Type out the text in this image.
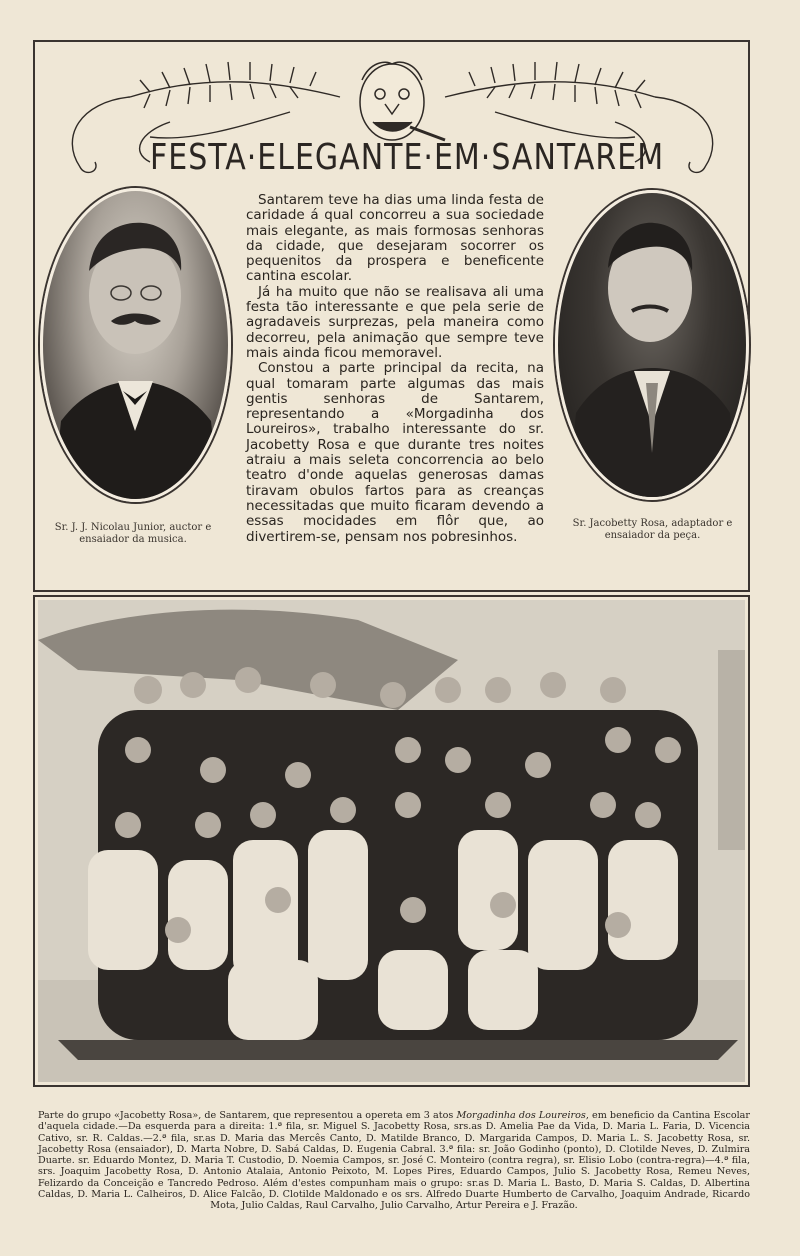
FESTA·ELEGANTE·EM·SANTAREM
Sr. J. J. Nicolau Junior, auctor e ensaiador da musica.
Sr. Jacobetty Rosa, adaptador e ensaiador da peça.

Santarem teve ha dias uma linda festa de caridade á qual concorreu a sua sociedade mais elegante, as mais formosas senhoras da cidade, que desejaram socorrer os pequenitos da prospera e beneficente cantina escolar.

Já ha muito que não se realisava ali uma festa tão interessante e que pela serie de agradaveis surprezas, pela maneira como decorreu, pela animação que sempre teve mais ainda ficou memoravel.

Constou a parte principal da recita, na qual tomaram parte algumas das mais gentis senhoras de Santarem, representando a «Morgadinha dos Loureiros», trabalho interessante do sr. Jacobetty Rosa e que durante tres noites atraiu a mais seleta concorrencia ao belo teatro d'onde aquelas generosas damas tiravam obulos fartos para as creanças necessitadas que muito ficaram devendo a essas mocidades em flôr que, ao divertirem-se, pensam nos pobresinhos.

Parte do grupo «Jacobetty Rosa», de Santarem, que representou a opereta em 3 atos Morgadinha dos Loureiros, em beneficio da Cantina Escolar d'aquela cidade.—Da esquerda para a direita: 1.ª fila, sr. Miguel S. Jacobetty Rosa, srs.as D. Amelia Pae da Vida, D. Maria L. Faria, D. Vicencia Cativo, sr. R. Caldas.—2.ª fila, sr.as D. Maria das Mercês Canto, D. Matilde Branco, D. Margarida Campos, D. Maria L. S. Jacobetty Rosa, sr. Jacobetty Rosa (ensaiador), D. Marta Nobre, D. Sabá Caldas, D. Eugenia Cabral. 3.ª fila: sr. João Godinho (ponto), D. Clotilde Neves, D. Zulmira Duarte. sr. Eduardo Montez, D. Maria T. Custodio, D. Noemia Campos, sr. José C. Monteiro (contra regra), sr. Elisio Lobo (contra-regra)—4.ª fila, srs. Joaquim Jacobetty Rosa, D. Antonio Atalaia, Antonio Peixoto, M. Lopes Pires, Eduardo Campos, Julio S. Jacobetty Rosa, Remeu Neves, Felizardo da Conceição e Tancredo Pedroso. Além d'estes compunham mais o grupo: sr.as D. Maria L. Basto, D. Maria S. Caldas, D. Albertina Caldas, D. Maria L. Calheiros, D. Alice Falcão, D. Clotilde Maldonado e os srs. Alfredo Duarte Humberto de Carvalho, Joaquim Andrade, Ricardo Mota, Julio Caldas, Raul Carvalho, Julio Carvalho, Artur Pereira e J. Frazão.
